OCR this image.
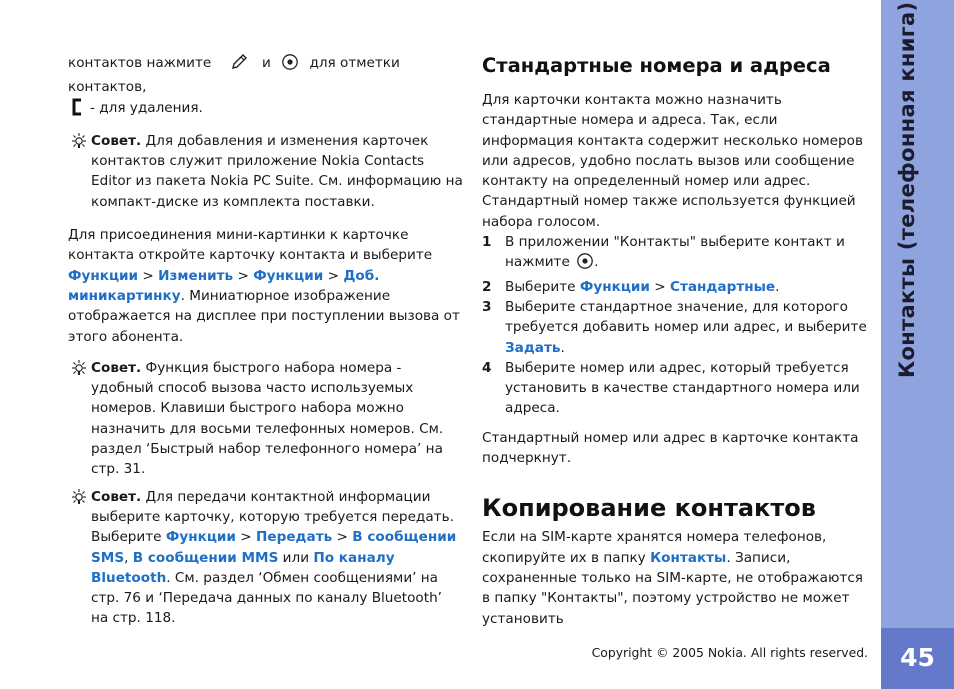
контактов нажмите	и	для отметки контактов,
- для удаления.

Совет. Для добавления и изменения карточек контактов служит приложение Nokia Contacts Editor из пакета Nokia PC Suite. См. информацию на компакт-диске из комплекта поставки.

Для присоединения мини-картинки к карточке контакта откройте карточку контакта и выберите Функции > Изменить > Функции > Доб. миникартинку. Миниатюрное изображение отображается на дисплее при поступлении вызова от этого абонента.

Совет. Функция быстрого набора номера - удобный способ вызова часто используемых номеров. Клавиши быстрого набора можно назначить для восьми телефонных номеров. См. раздел ‘Быстрый набор телефонного номера’ на стр. 31.

Совет. Для передачи контактной информации выберите карточку, которую требуется передать. Выберите Функции > Передать > В сообщении SMS, В сообщении MMS или По каналу Bluetooth. См. раздел ‘Обмен сообщениями’ на стр. 76 и ‘Передача данных по каналу Bluetooth’ на стр. 118.

Стандартные номера и адреса

Для карточки контакта можно назначить стандартные номера и адреса. Так, если информация контакта содержит несколько номеров или адресов, удобно послать вызов или сообщение контакту на определенный номер или адрес. Стандартный номер также используется функцией набора голосом.

1 В приложении "Контакты" выберите контакт и нажмите .
2 Выберите Функции > Стандартные.
3 Выберите стандартное значение, для которого требуется добавить номер или адрес, и выберите Задать.
4 Выберите номер или адрес, который требуется установить в качестве стандартного номера или адреса.

Стандартный номер или адрес в карточке контакта подчеркнут.

Копирование контактов

Если на SIM-карте хранятся номера телефонов, скопируйте их в папку Контакты. Записи, сохраненные только на SIM-карте, не отображаются в папку "Контакты", поэтому устройство не может установить

Контакты (телефонная книга)
45
Copyright © 2005 Nokia. All rights reserved.
